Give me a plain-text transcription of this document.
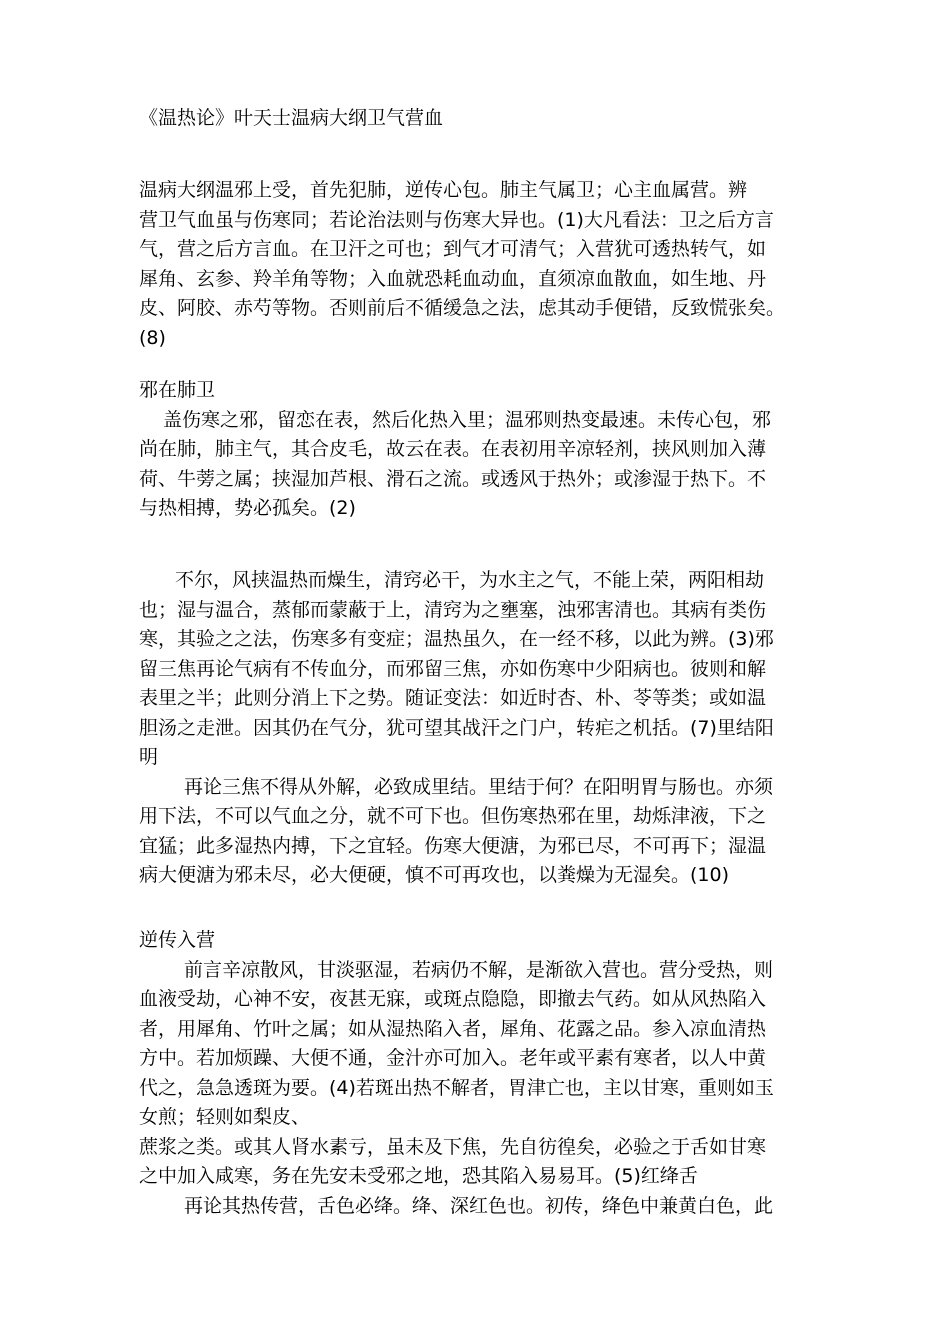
《温热论》叶天士温病大纲卫气营血
温病大纲温邪上受，首先犯肺，逆传心包。肺主气属卫；心主血属营。辨
营卫气血虽与伤寒同；若论治法则与伤寒大异也。(1)大凡看法：卫之后方言
气，营之后方言血。在卫汗之可也；到气才可清气；入营犹可透热转气，如
犀角、玄参、羚羊角等物；入血就恐耗血动血，直须凉血散血，如生地、丹
皮、阿胶、赤芍等物。否则前后不循缓急之法，虑其动手便错，反致慌张矣。
(8)
邪在肺卫
盖伤寒之邪，留恋在表，然后化热入里；温邪则热变最速。未传心包，邪
尚在肺，肺主气，其合皮毛，故云在表。在表初用辛凉轻剂，挟风则加入薄
荷、牛蒡之属；挟湿加芦根、滑石之流。或透风于热外；或渗湿于热下。不
与热相搏，势必孤矣。(2)
不尔，风挟温热而燥生，清窍必干，为水主之气，不能上荣，两阳相劫
也；湿与温合，蒸郁而蒙蔽于上，清窍为之壅塞，浊邪害清也。其病有类伤
寒，其验之之法，伤寒多有变症；温热虽久，在一经不移，以此为辨。(3)邪
留三焦再论气病有不传血分，而邪留三焦，亦如伤寒中少阳病也。彼则和解
表里之半；此则分消上下之势。随证变法：如近时杏、朴、苓等类；或如温
胆汤之走泄。因其仍在气分，犹可望其战汗之门户，转疟之机括。(7)里结阳
明
再论三焦不得从外解，必致成里结。里结于何？在阳明胃与肠也。亦须
用下法，不可以气血之分，就不可下也。但伤寒热邪在里，劫烁津液，下之
宜猛；此多湿热内搏，下之宜轻。伤寒大便溏，为邪已尽，不可再下；湿温
病大便溏为邪未尽，必大便硬，慎不可再攻也，以粪燥为无湿矣。(10)
逆传入营
前言辛凉散风，甘淡驱湿，若病仍不解，是渐欲入营也。营分受热，则
血液受劫，心神不安，夜甚无寐，或斑点隐隐，即撤去气药。如从风热陷入
者，用犀角、竹叶之属；如从湿热陷入者，犀角、花露之品。参入凉血清热
方中。若加烦躁、大便不通，金汁亦可加入。老年或平素有寒者，以人中黄
代之，急急透斑为要。(4)若斑出热不解者，胃津亡也，主以甘寒，重则如玉
女煎；轻则如梨皮、
蔗浆之类。或其人肾水素亏，虽未及下焦，先自彷徨矣，必验之于舌如甘寒
之中加入咸寒，务在先安未受邪之地，恐其陷入易易耳。(5)红绛舌
再论其热传营，舌色必绛。绛、深红色也。初传，绛色中兼黄白色，此
